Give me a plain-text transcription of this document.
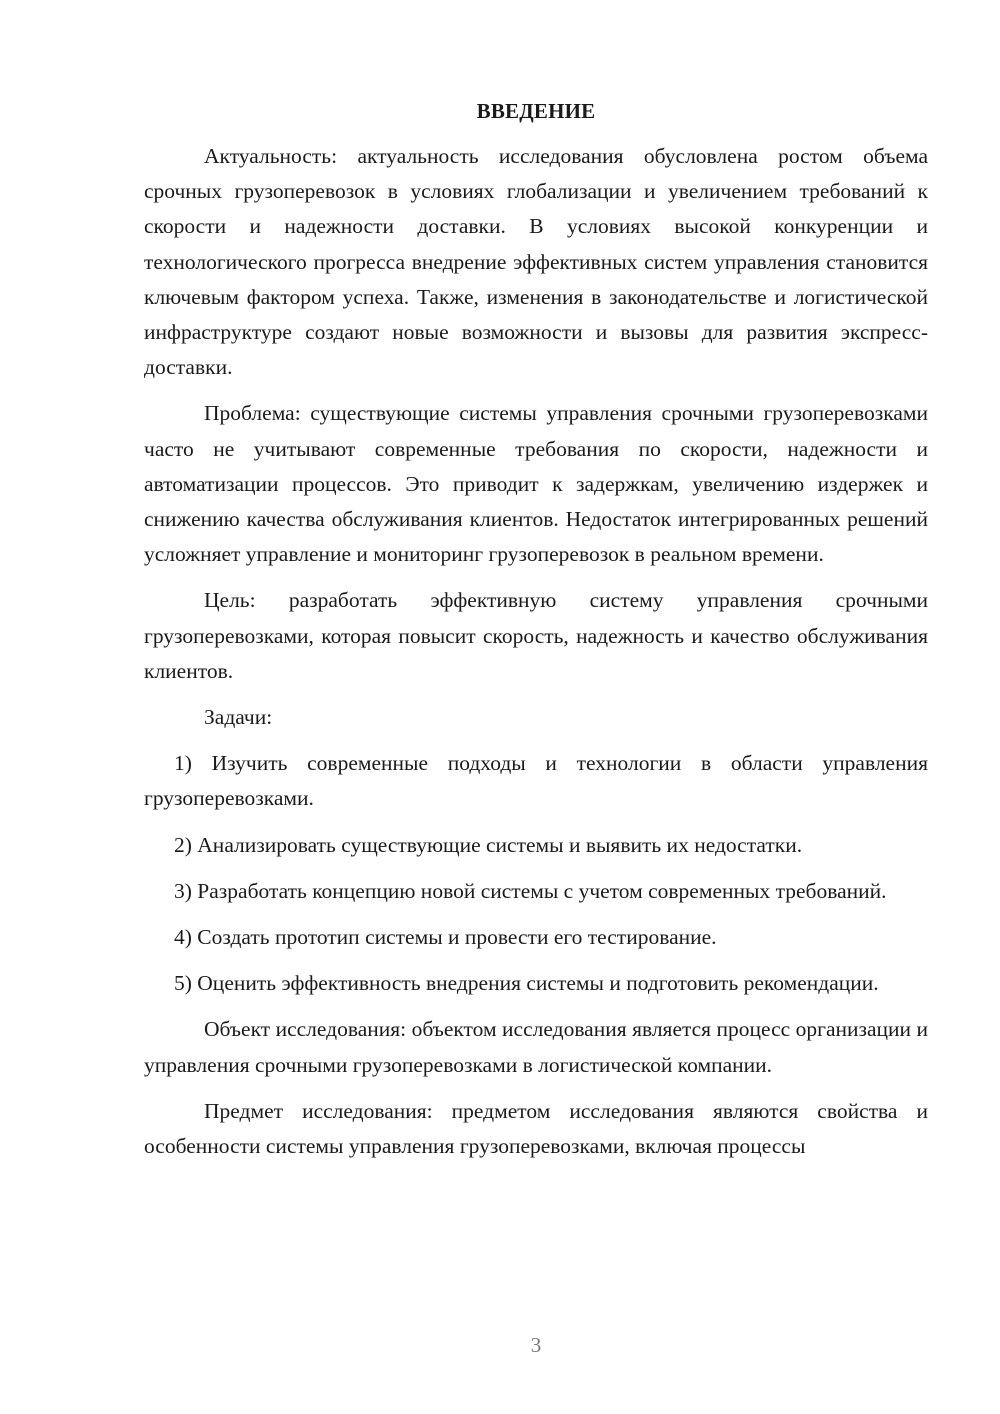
ВВЕДЕНИЕ

Актуальность: актуальность исследования обусловлена ростом объема срочных грузоперевозок в условиях глобализации и увеличением требований к скорости и надежности доставки. В условиях высокой конкуренции и технологического прогресса внедрение эффективных систем управления становится ключевым фактором успеха. Также, изменения в законодательстве и логистической инфраструктуре создают новые возможности и вызовы для развития экспресс-доставки.

Проблема: существующие системы управления срочными грузоперевозками часто не учитывают современные требования по скорости, надежности и автоматизации процессов. Это приводит к задержкам, увеличению издержек и снижению качества обслуживания клиентов. Недостаток интегрированных решений усложняет управление и мониторинг грузоперевозок в реальном времени.

Цель: разработать эффективную систему управления срочными грузоперевозками, которая повысит скорость, надежность и качество обслуживания клиентов.

Задачи:

1) Изучить современные подходы и технологии в области управления грузоперевозками.

2) Анализировать существующие системы и выявить их недостатки.

3) Разработать концепцию новой системы с учетом современных требований.

4) Создать прототип системы и провести его тестирование.

5) Оценить эффективность внедрения системы и подготовить рекомендации.

Объект исследования: объектом исследования является процесс организации и управления срочными грузоперевозками в логистической компании.

Предмет исследования: предметом исследования являются свойства и особенности системы управления грузоперевозками, включая процессы

3
